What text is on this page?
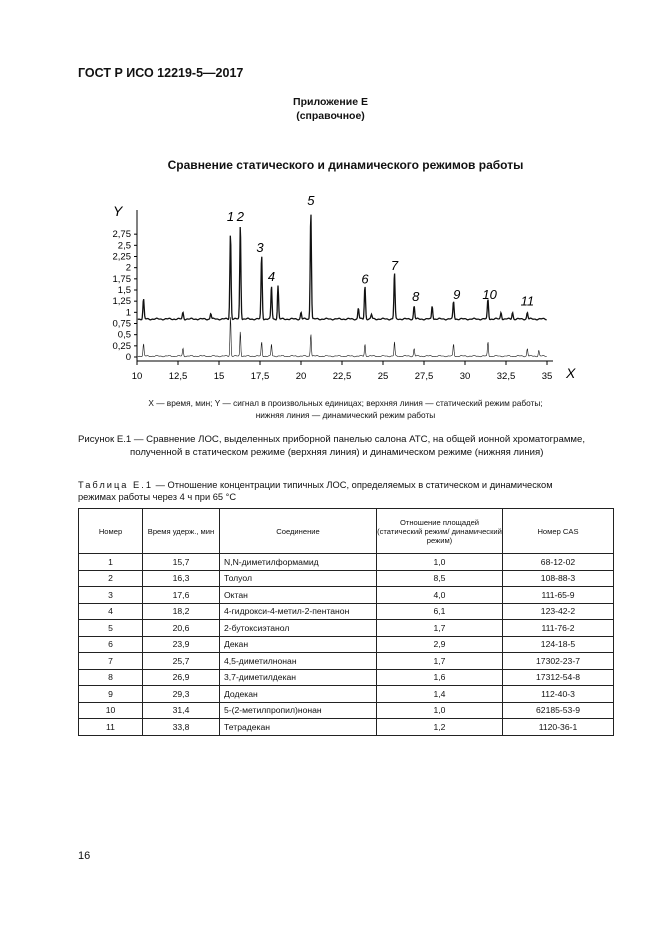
ГОСТ Р ИСО 12219-5—2017
Приложение Е
(справочное)
Сравнение статического и динамического режимов работы
0
0,25
0,5
0,75
1
1,25
1,5
1,75
2
2,25
2,5
2,75
10	12,5	15	17,5	20	22,5	25	27,5	30	32,5	35
Y
X
1 2
3
4
5
6
7
8	9 10 11
X — время, мин; Y — сигнал в произвольных единицах; верхняя линия — статический режим работы;
нижняя линия — динамический режим работы
Рисунок Е.1 — Сравнение ЛОС, выделенных приборной панелью салона АТС, на общей ионной хроматограмме,
полученной в статическом режиме (верхняя линия) и динамическом режиме (нижняя линия)
Таблица Е.1 — Отношение концентрации типичных ЛОС, определяемых в статическом и динамическом
режимах работы через 4 ч при 65 °С
Номер	Время удерж., мин	Соединение	Отношение площадей (статический режим/ динамический режим)	Номер CAS
1	15,7	N,N-диметилформамид	1,0	68-12-02
2	16,3	Толуол	8,5	108-88-3
3	17,6	Октан	4,0	111-65-9
4	18,2	4-гидрокси-4-метил-2-пентанон	6,1	123-42-2
5	20,6	2-бутоксиэтанол	1,7	111-76-2
6	23,9	Декан	2,9	124-18-5
7	25,7	4,5-диметилнонан	1,7	17302-23-7
8	26,9	3,7-диметилдекан	1,6	17312-54-8
9	29,3	Додекан	1,4	112-40-3
10	31,4	5-(2-метилпропил)нонан	1,0	62185-53-9
11	33,8	Тетрадекан	1,2	1120-36-1
16
